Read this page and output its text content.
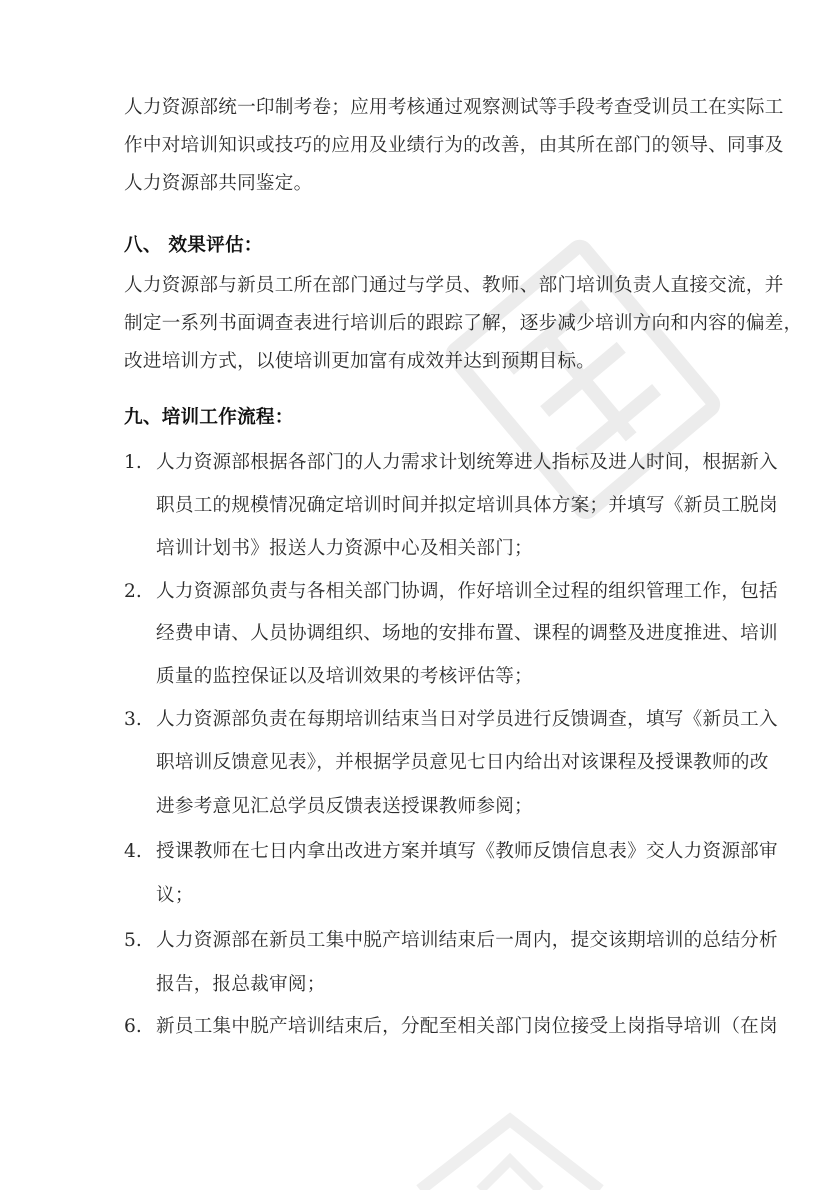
人力资源部统一印制考卷；应用考核通过观察测试等手段考查受训员工在实际工
作中对培训知识或技巧的应用及业绩行为的改善，由其所在部门的领导、同事及
人力资源部共同鉴定。
八、 效果评估：
人力资源部与新员工所在部门通过与学员、教师、部门培训负责人直接交流，并
制定一系列书面调查表进行培训后的跟踪了解，逐步减少培训方向和内容的偏差，
改进培训方式，以使培训更加富有成效并达到预期目标。
九、培训工作流程：
1. 人力资源部根据各部门的人力需求计划统筹进人指标及进人时间，根据新入
职员工的规模情况确定培训时间并拟定培训具体方案；并填写《新员工脱岗
培训计划书》报送人力资源中心及相关部门；
2. 人力资源部负责与各相关部门协调，作好培训全过程的组织管理工作，包括
经费申请、人员协调组织、场地的安排布置、课程的调整及进度推进、培训
质量的监控保证以及培训效果的考核评估等；
3. 人力资源部负责在每期培训结束当日对学员进行反馈调查，填写《新员工入
职培训反馈意见表》，并根据学员意见七日内给出对该课程及授课教师的改
进参考意见汇总学员反馈表送授课教师参阅；
4. 授课教师在七日内拿出改进方案并填写《教师反馈信息表》交人力资源部审
议；
5. 人力资源部在新员工集中脱产培训结束后一周内，提交该期培训的总结分析
报告，报总裁审阅；
6. 新员工集中脱产培训结束后，分配至相关部门岗位接受上岗指导培训（在岗
